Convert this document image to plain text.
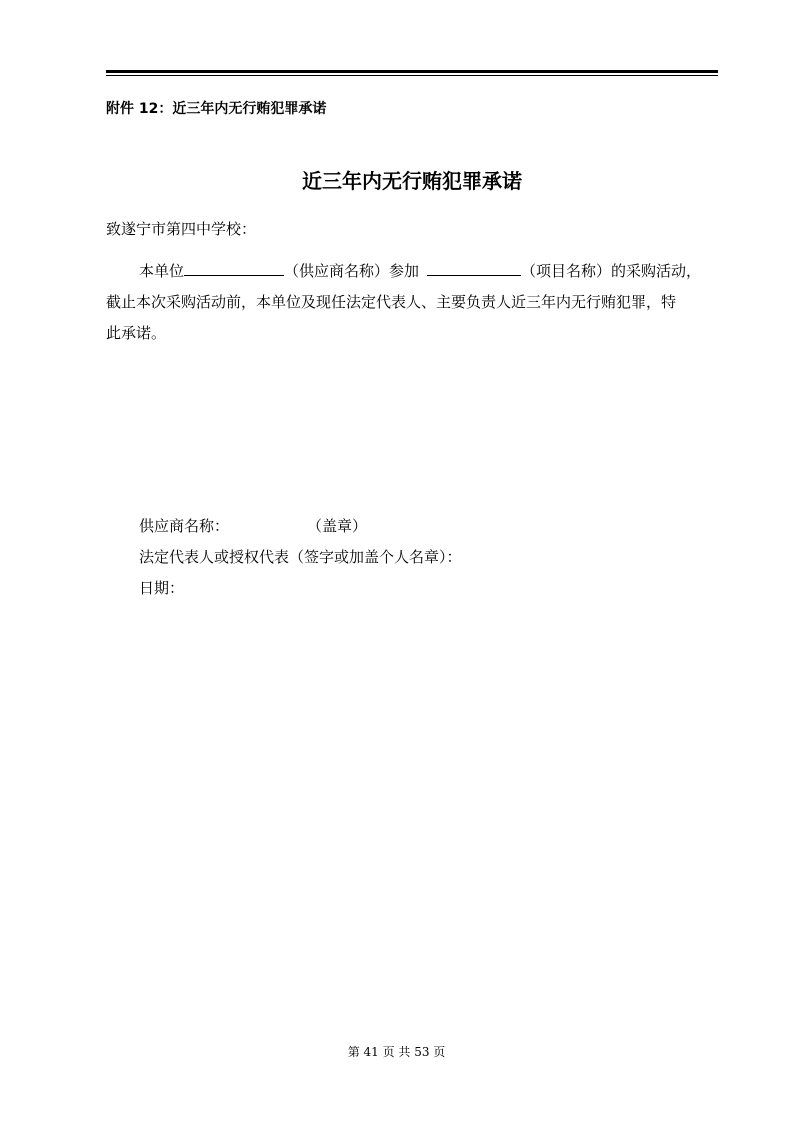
附件 12：近三年内无行贿犯罪承诺
近三年内无行贿犯罪承诺
致遂宁市第四中学校：
本单位	（供应商名称）参加	（项目名称）的采购活动，
截止本次采购活动前，本单位及现任法定代表人、主要负责人近三年内无行贿犯罪，特
此承诺。
供应商名称：	（盖章）
法定代表人或授权代表（签字或加盖个人名章）：
日期：
第 41 页 共 53 页
